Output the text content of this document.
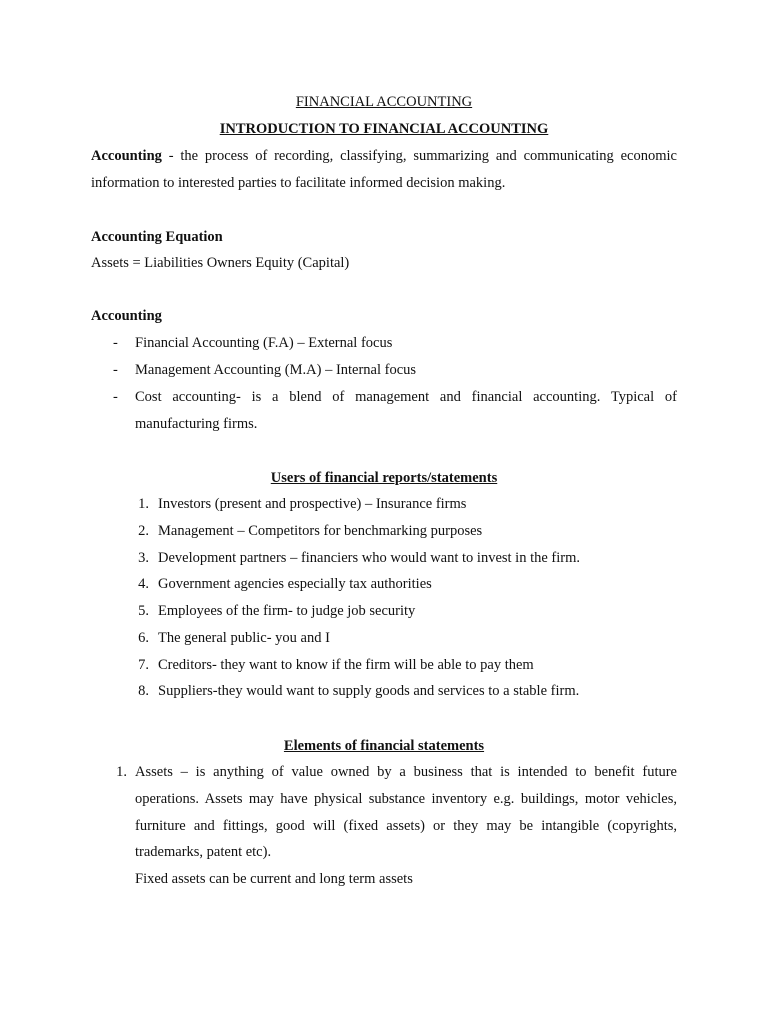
FINANCIAL ACCOUNTING
INTRODUCTION TO FINANCIAL ACCOUNTING
Accounting - the process of recording, classifying, summarizing and communicating economic
information to interested parties to facilitate informed decision making.
Accounting Equation
Assets = Liabilities Owners Equity (Capital)
Accounting
- Financial Accounting (F.A) – External focus
- Management Accounting (M.A) – Internal focus
- Cost accounting- is a blend of management and financial accounting. Typical of
manufacturing firms.
Users of financial reports/statements
1. Investors (present and prospective) – Insurance firms
2. Management – Competitors for benchmarking purposes
3. Development partners – financiers who would want to invest in the firm.
4. Government agencies especially tax authorities
5. Employees of the firm- to judge job security
6. The general public- you and I
7. Creditors- they want to know if the firm will be able to pay them
8. Suppliers-they would want to supply goods and services to a stable firm.
Elements of financial statements
1. Assets – is anything of value owned by a business that is intended to benefit future
operations. Assets may have physical substance inventory e.g. buildings, motor vehicles,
furniture and fittings, good will (fixed assets) or they may be intangible (copyrights,
trademarks, patent etc).
Fixed assets can be current and long term assets
